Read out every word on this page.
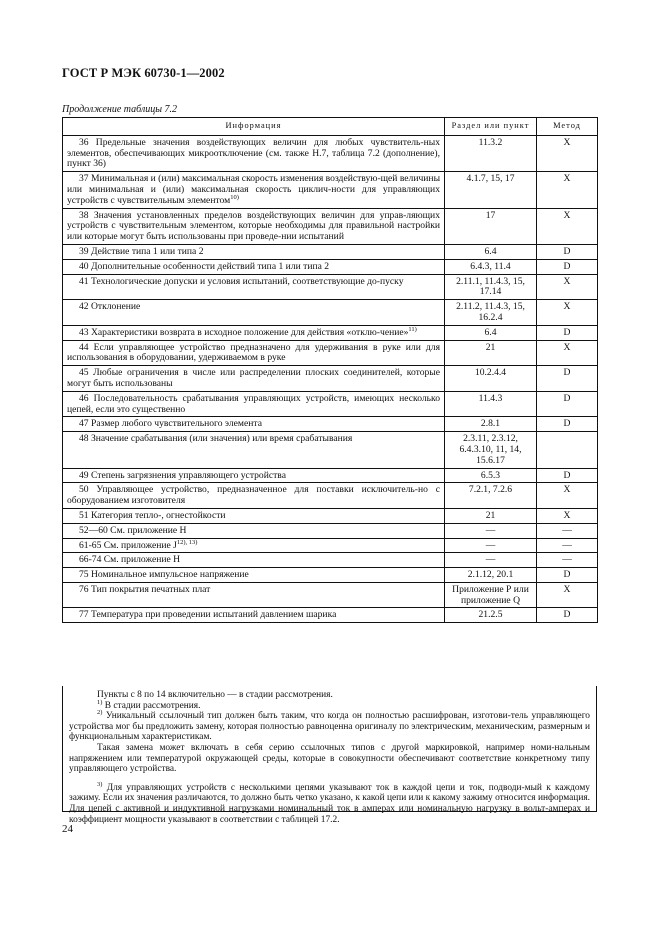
ГОСТ Р МЭК 60730-1—2002
Продолжение таблицы 7.2
Информация	Раздел или пункт	Метод
36 Предельные значения воздействующих величин для любых чувствитель-ных элементов, обеспечивающих микроотключение (см. также Н.7, таблица 7.2 (дополнение), пункт 36)	11.3.2	X
37 Минимальная и (или) максимальная скорость изменения воздействую-щей величины или минимальная и (или) максимальная скорость циклич-ности для управляющих устройств с чувствительным элементом$^{10)}$	4.1.7, 15, 17	X
38 Значения установленных пределов воздействующих величин для управ-ляющих устройств с чувствительным элементом, которые необходимы для правильной настройки или которые могут быть использованы при проведе-нии испытаний	17	X
39 Действие типа 1 или типа 2	6.4	D
40 Дополнительные особенности действий типа 1 или типа 2	6.4.3, 11.4	D
41 Технологические допуски и условия испытаний, соответствующие до-пуску	2.11.1, 11.4.3, 15, 17.14	X
42 Отклонение	2.11.2, 11.4.3, 15, 16.2.4	X
43 Характеристики возврата в исходное положение для действия «отклю-чение»$^{11)}$	6.4	D
44 Если управляющее устройство предназначено для удерживания в руке или для использования в оборудовании, удерживаемом в руке	21	X
45 Любые ограничения в числе или распределении плоских соединителей, которые могут быть использованы	10.2.4.4	D
46 Последовательность срабатывания управляющих устройств, имеющих несколько цепей, если это существенно	11.4.3	D
47 Размер любого чувствительного элемента	2.8.1	D
48 Значение срабатывания (или значения) или время срабатывания	2.3.11, 2.3.12, 6.4.3.10, 11, 14, 15.6.17	
49 Степень загрязнения управляющего устройства	6.5.3	D
50 Управляющее устройство, предназначенное для поставки исключитель-но с оборудованием изготовителя	7.2.1, 7.2.6	X
51 Категория тепло-, огнестойкости	21	X
52—60 См. приложение Н	—	—
61-65 См. приложение $J^{12), 13)}$	—	—
66-74 См. приложение Н	—	—
75 Номинальное импульсное напряжение	2.1.12, 20.1	D
76 Тип покрытия печатных плат	Приложение Р или приложение Q	X
77 Температура при проведении испытаний давлением шарика	21.2.5	D

Пункты с 8 по 14 включительно — в стадии рассмотрения.

$^{1)}$ В стадии рассмотрения.

$^{2)}$ Уникальный ссылочный тип должен быть таким, что когда он полностью расшифрован, изготови-тель управляющего устройства мог бы предложить замену, которая полностью равноценна оригиналу по электрическим, механическим, размерным и функциональным характеристикам.

Такая замена может включать в себя серию ссылочных типов с другой маркировкой, например номи-нальным напряжением или температурой окружающей среды, которые в совокупности обеспечивают соответствие конкретному типу управляющего устройства.

$^{3)}$ Для управляющих устройств с несколькими цепями указывают ток в каждой цепи и ток, подводи-мый к каждому зажиму. Если их значения различаются, то должно быть четко указано, к какой цепи или к какому зажиму относится информация. Для цепей с активной и индуктивной нагрузками номинальный ток в амперах или номинальную нагрузку в вольт-амперах и коэффициент мощности указывают в соответствии с таблицей 17.2.

24
